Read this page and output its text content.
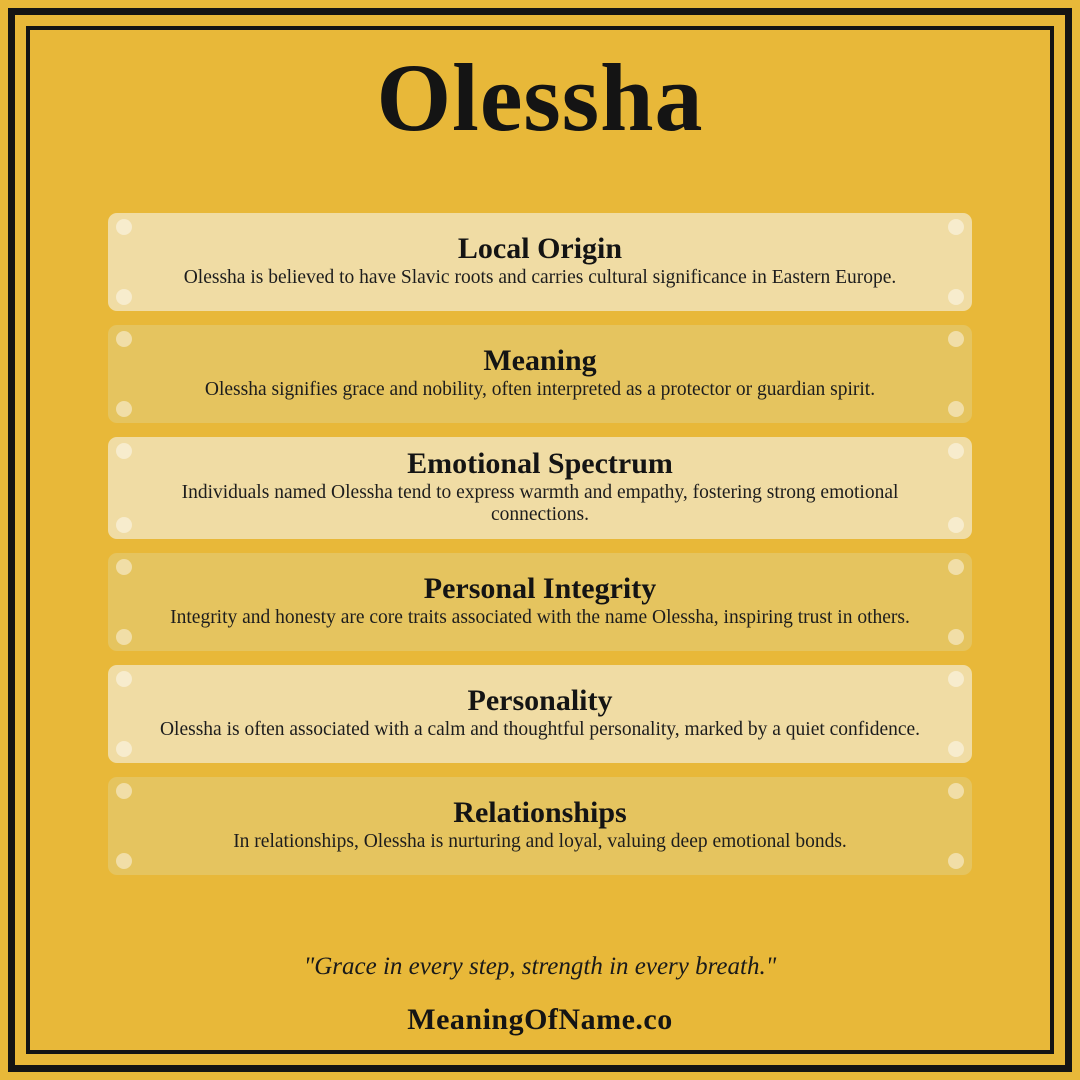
Olessha
Local Origin
Olessha is believed to have Slavic roots and carries cultural significance in Eastern Europe.
Meaning
Olessha signifies grace and nobility, often interpreted as a protector or guardian spirit.
Emotional Spectrum
Individuals named Olessha tend to express warmth and empathy, fostering strong emotional connections.
Personal Integrity
Integrity and honesty are core traits associated with the name Olessha, inspiring trust in others.
Personality
Olessha is often associated with a calm and thoughtful personality, marked by a quiet confidence.
Relationships
In relationships, Olessha is nurturing and loyal, valuing deep emotional bonds.
"Grace in every step, strength in every breath."
MeaningOfName.co
